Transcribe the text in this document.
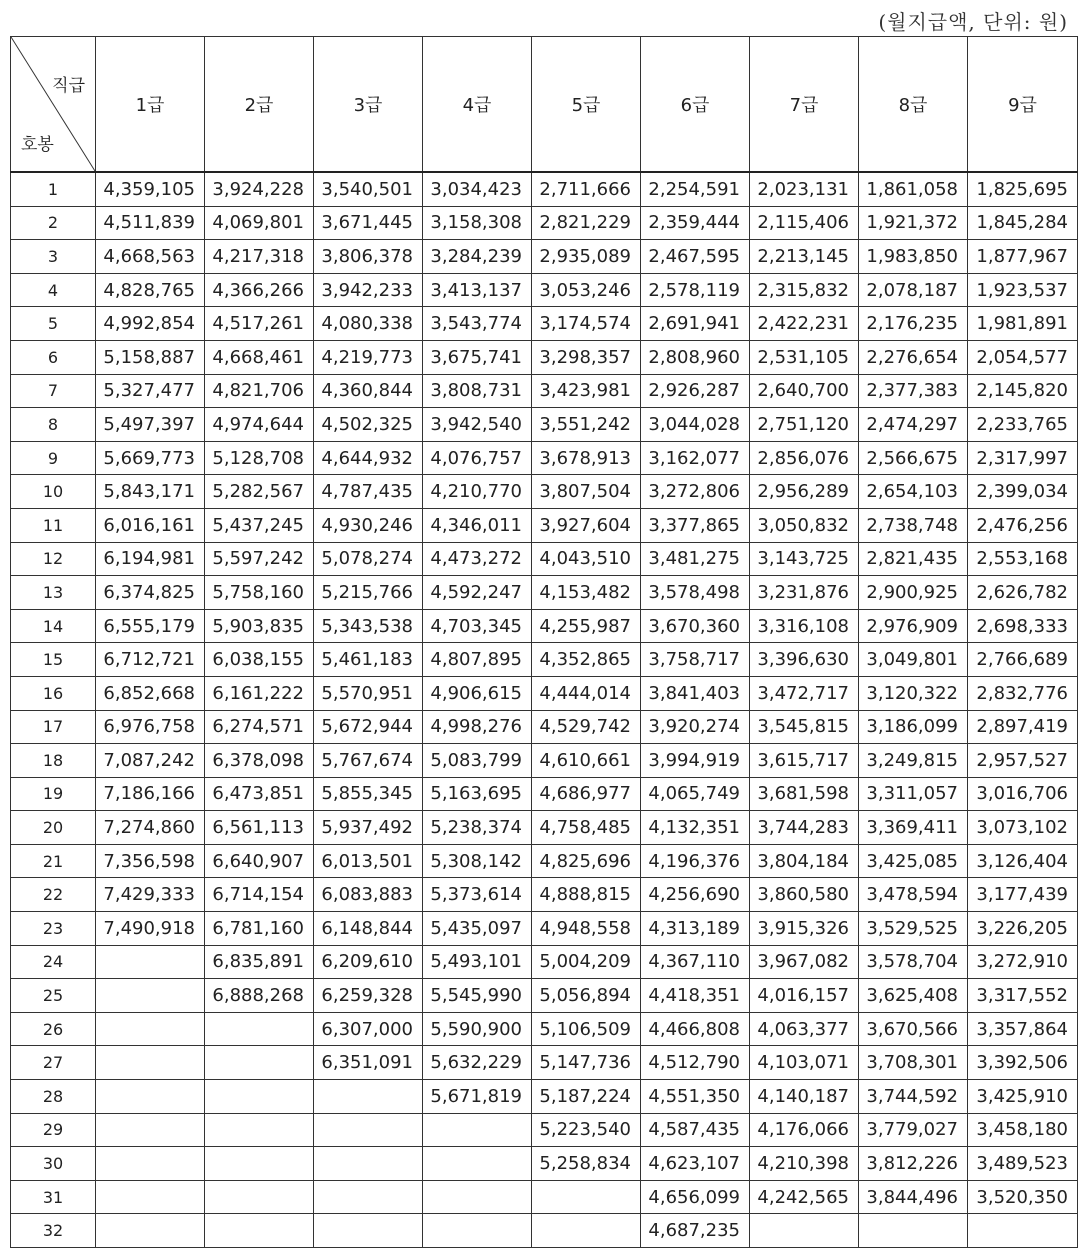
(월지급액, 단위: 원)
직급
호봉	1급	2급	3급	4급	5급	6급	7급	8급	9급
1	4,359,105	3,924,228	3,540,501	3,034,423	2,711,666	2,254,591	2,023,131	1,861,058	1,825,695
2	4,511,839	4,069,801	3,671,445	3,158,308	2,821,229	2,359,444	2,115,406	1,921,372	1,845,284
3	4,668,563	4,217,318	3,806,378	3,284,239	2,935,089	2,467,595	2,213,145	1,983,850	1,877,967
4	4,828,765	4,366,266	3,942,233	3,413,137	3,053,246	2,578,119	2,315,832	2,078,187	1,923,537
5	4,992,854	4,517,261	4,080,338	3,543,774	3,174,574	2,691,941	2,422,231	2,176,235	1,981,891
6	5,158,887	4,668,461	4,219,773	3,675,741	3,298,357	2,808,960	2,531,105	2,276,654	2,054,577
7	5,327,477	4,821,706	4,360,844	3,808,731	3,423,981	2,926,287	2,640,700	2,377,383	2,145,820
8	5,497,397	4,974,644	4,502,325	3,942,540	3,551,242	3,044,028	2,751,120	2,474,297	2,233,765
9	5,669,773	5,128,708	4,644,932	4,076,757	3,678,913	3,162,077	2,856,076	2,566,675	2,317,997
10	5,843,171	5,282,567	4,787,435	4,210,770	3,807,504	3,272,806	2,956,289	2,654,103	2,399,034
11	6,016,161	5,437,245	4,930,246	4,346,011	3,927,604	3,377,865	3,050,832	2,738,748	2,476,256
12	6,194,981	5,597,242	5,078,274	4,473,272	4,043,510	3,481,275	3,143,725	2,821,435	2,553,168
13	6,374,825	5,758,160	5,215,766	4,592,247	4,153,482	3,578,498	3,231,876	2,900,925	2,626,782
14	6,555,179	5,903,835	5,343,538	4,703,345	4,255,987	3,670,360	3,316,108	2,976,909	2,698,333
15	6,712,721	6,038,155	5,461,183	4,807,895	4,352,865	3,758,717	3,396,630	3,049,801	2,766,689
16	6,852,668	6,161,222	5,570,951	4,906,615	4,444,014	3,841,403	3,472,717	3,120,322	2,832,776
17	6,976,758	6,274,571	5,672,944	4,998,276	4,529,742	3,920,274	3,545,815	3,186,099	2,897,419
18	7,087,242	6,378,098	5,767,674	5,083,799	4,610,661	3,994,919	3,615,717	3,249,815	2,957,527
19	7,186,166	6,473,851	5,855,345	5,163,695	4,686,977	4,065,749	3,681,598	3,311,057	3,016,706
20	7,274,860	6,561,113	5,937,492	5,238,374	4,758,485	4,132,351	3,744,283	3,369,411	3,073,102
21	7,356,598	6,640,907	6,013,501	5,308,142	4,825,696	4,196,376	3,804,184	3,425,085	3,126,404
22	7,429,333	6,714,154	6,083,883	5,373,614	4,888,815	4,256,690	3,860,580	3,478,594	3,177,439
23	7,490,918	6,781,160	6,148,844	5,435,097	4,948,558	4,313,189	3,915,326	3,529,525	3,226,205
24		6,835,891	6,209,610	5,493,101	5,004,209	4,367,110	3,967,082	3,578,704	3,272,910
25		6,888,268	6,259,328	5,545,990	5,056,894	4,418,351	4,016,157	3,625,408	3,317,552
26			6,307,000	5,590,900	5,106,509	4,466,808	4,063,377	3,670,566	3,357,864
27			6,351,091	5,632,229	5,147,736	4,512,790	4,103,071	3,708,301	3,392,506
28				5,671,819	5,187,224	4,551,350	4,140,187	3,744,592	3,425,910
29					5,223,540	4,587,435	4,176,066	3,779,027	3,458,180
30					5,258,834	4,623,107	4,210,398	3,812,226	3,489,523
31						4,656,099	4,242,565	3,844,496	3,520,350
32						4,687,235			
